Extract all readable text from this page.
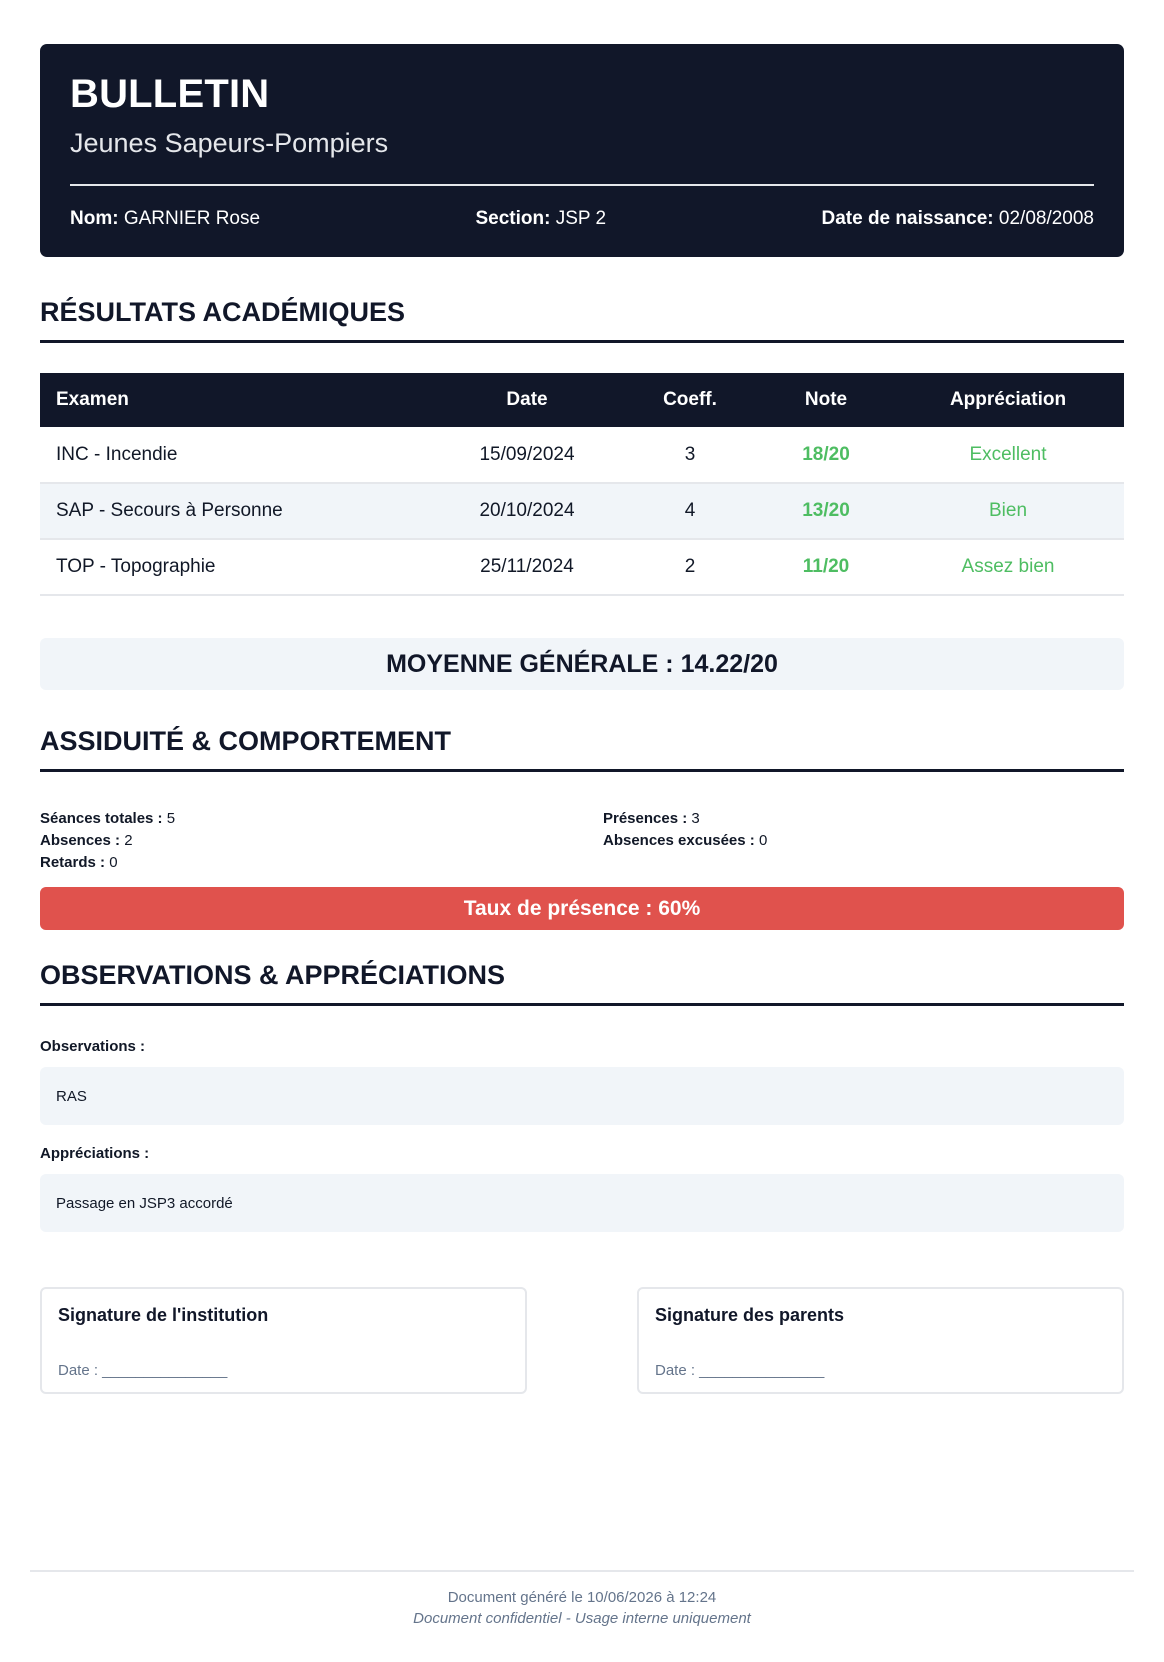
BULLETIN
Jeunes Sapeurs-Pompiers
Nom: GARNIER Rose	Section: JSP 2	Date de naissance: 02/08/2008
RÉSULTATS ACADÉMIQUES
Examen	Date	Coeff.	Note	Appréciation
INC - Incendie	15/09/2024	3	18/20	Excellent
SAP - Secours à Personne	20/10/2024	4	13/20	Bien
TOP - Topographie	25/11/2024	2	11/20	Assez bien
MOYENNE GÉNÉRALE : 14.22/20
ASSIDUITÉ & COMPORTEMENT
Séances totales : 5	Présences : 3
Absences : 2	Absences excusées : 0
Retards : 0
Taux de présence : 60%
OBSERVATIONS & APPRÉCIATIONS
Observations :
RAS
Appréciations :
Passage en JSP3 accordé
Signature de l'institution
Date : _______________
Signature des parents
Date : _______________
Document généré le 10/06/2026 à 12:24
Document confidentiel - Usage interne uniquement
